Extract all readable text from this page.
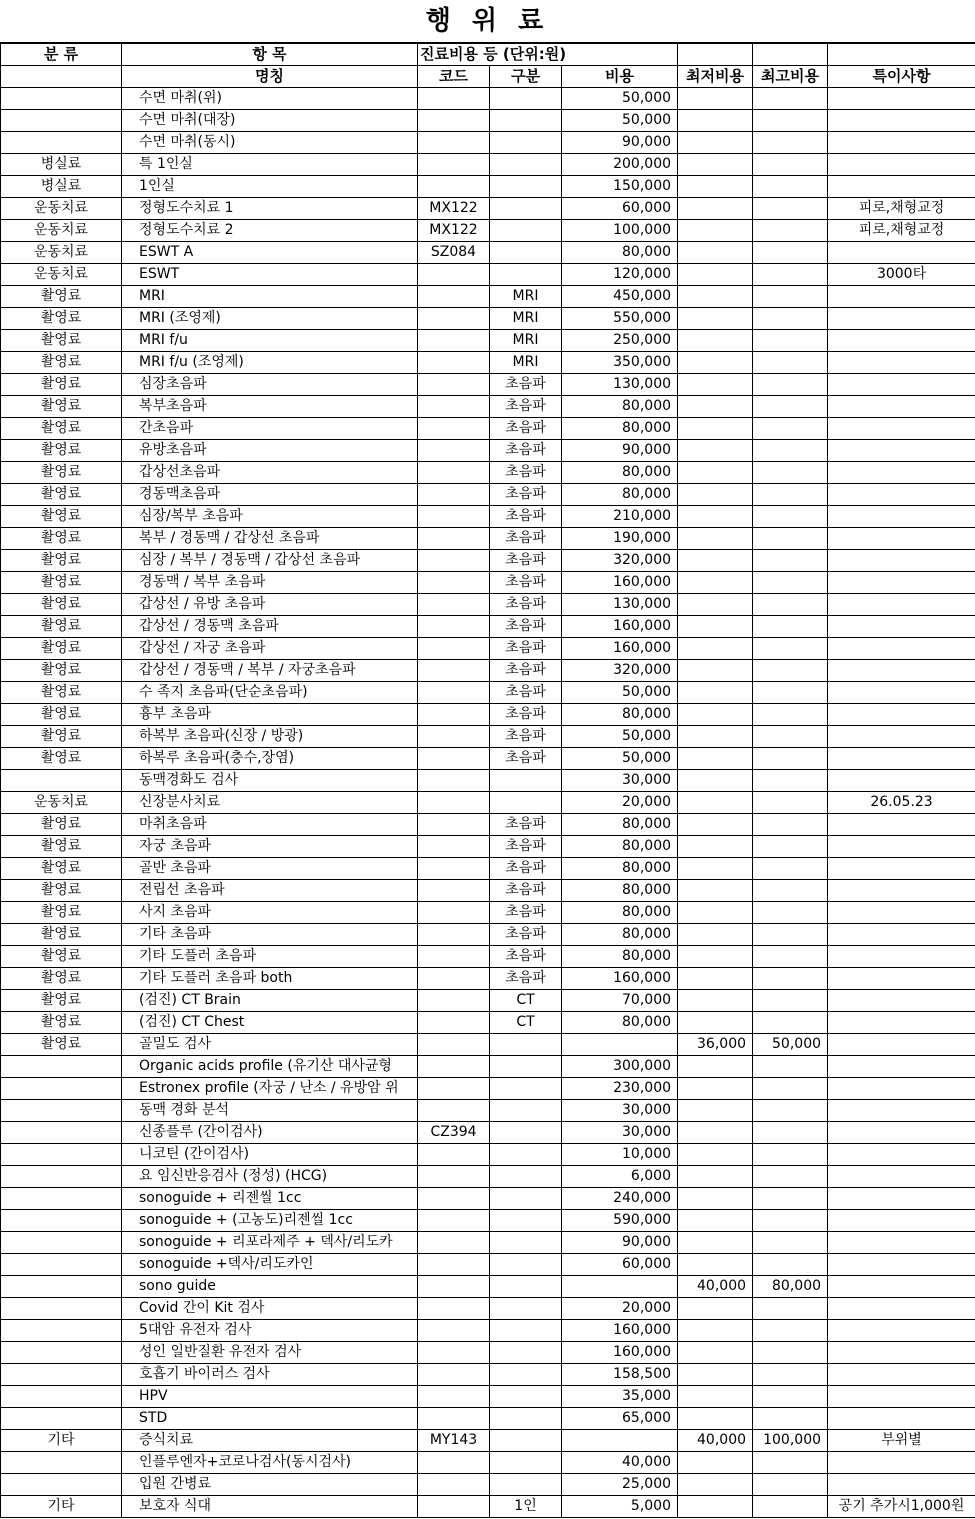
행 위 료
분 류	항 목	진료비용 등 (단위:원)					
	명칭	코드	구분	비용	최저비용	최고비용	특이사항
	수면 마취(위)			50,000			
	수면 마취(대장)			50,000			
	수면 마취(동시)			90,000			
병실료	특 1인실			200,000			
병실료	1인실			150,000			
운동치료	정형도수치료 1	MX122		60,000			피로,채형교정
운동치료	정형도수치료 2	MX122		100,000			피로,채형교정
운동치료	ESWT A	SZ084		80,000			
운동치료	ESWT			120,000			3000타
촬영료	MRI		MRI	450,000			
촬영료	MRI (조영제)		MRI	550,000			
촬영료	MRI f/u		MRI	250,000			
촬영료	MRI f/u (조영제)		MRI	350,000			
촬영료	심장초음파		초음파	130,000			
촬영료	복부초음파		초음파	80,000			
촬영료	간초음파		초음파	80,000			
촬영료	유방초음파		초음파	90,000			
촬영료	갑상선초음파		초음파	80,000			
촬영료	경동맥초음파		초음파	80,000			
촬영료	심장/복부 초음파		초음파	210,000			
촬영료	복부 / 경동맥 / 갑상선 초음파		초음파	190,000			
촬영료	심장 / 복부 / 경동맥 / 갑상선 초음파		초음파	320,000			
촬영료	경동맥 / 복부 초음파		초음파	160,000			
촬영료	갑상선 / 유방 초음파		초음파	130,000			
촬영료	갑상선 / 경동맥 초음파		초음파	160,000			
촬영료	갑상선 / 자궁 초음파		초음파	160,000			
촬영료	갑상선 / 경동맥 / 복부 / 자궁초음파		초음파	320,000			
촬영료	수 족지 초음파(단순초음파)		초음파	50,000			
촬영료	흉부 초음파		초음파	80,000			
촬영료	하복부 초음파(신장 / 방광)		초음파	50,000			
촬영료	하복루 초음파(충수,장염)		초음파	50,000			
	동맥경화도 검사			30,000			
운동치료	신장분사치료			20,000			26.05.23
촬영료	마취초음파		초음파	80,000			
촬영료	자궁 초음파		초음파	80,000			
촬영료	골반 초음파		초음파	80,000			
촬영료	전립선 초음파		초음파	80,000			
촬영료	사지 초음파		초음파	80,000			
촬영료	기타 초음파		초음파	80,000			
촬영료	기타 도플러 초음파		초음파	80,000			
촬영료	기타 도플러 초음파 both		초음파	160,000			
촬영료	(검진) CT Brain		CT	70,000			
촬영료	(검진) CT Chest		CT	80,000			
촬영료	골밀도 검사				36,000	50,000	
	Organic acids profile (유기산 대사균형			300,000			
	Estronex profile (자궁 / 난소 / 유방암 위			230,000			
	동맥 경화 분석			30,000			
	신종플루 (간이검사)	CZ394		30,000			
	니코틴 (간이검사)			10,000			
	요 임신반응검사 (정성) (HCG)			6,000			
	sonoguide + 리젠씰 1cc			240,000			
	sonoguide + (고농도)리젠씰 1cc			590,000			
	sonoguide + 리포라제주 + 덱사/리도카			90,000			
	sonoguide +덱사/리도카인			60,000			
	sono guide				40,000	80,000	
	Covid 간이 Kit 검사			20,000			
	5대암 유전자 검사			160,000			
	성인 일반질환 유전자 검사			160,000			
	호흡기 바이러스 검사			158,500			
	HPV			35,000			
	STD			65,000			
기타	증식치료	MY143			40,000	100,000	부위별
	인플루엔자+코로나검사(동시검사)			40,000			
	입원 간병료			25,000			
기타	보호자 식대		1인	5,000			공기 추가시1,000원
